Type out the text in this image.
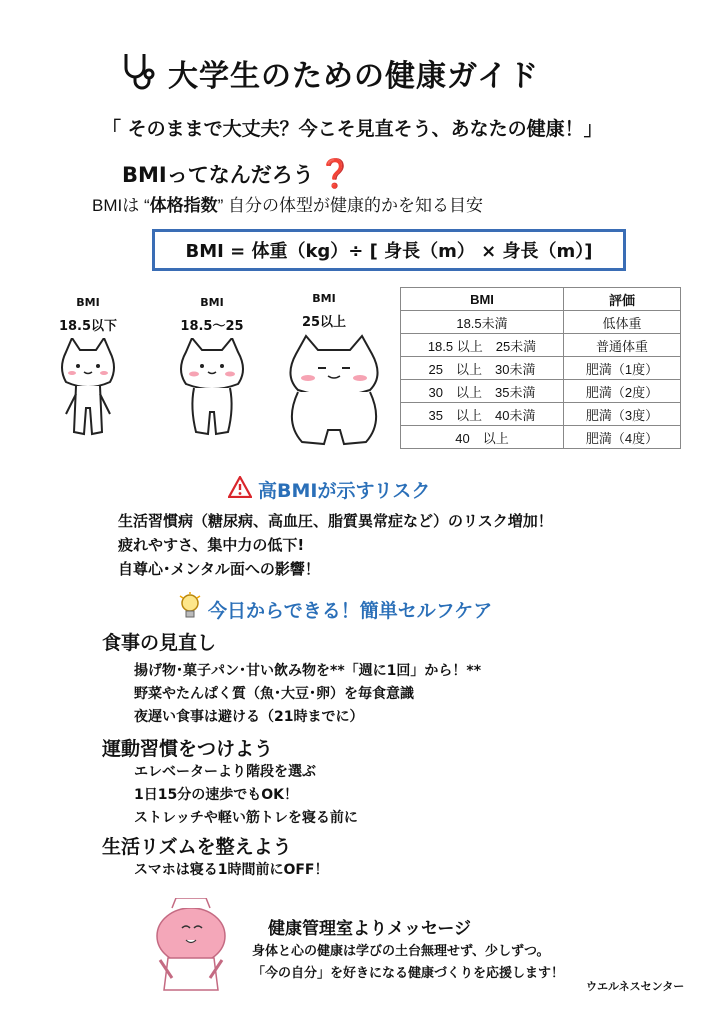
大学生のための健康ガイド
「 そのままで大丈夫？今こそ見直そう、あなたの健康！」
BMIってなんだろう ❓
BMIは “体格指数” 自分の体型が健康的かを知る目安
BMI = 体重（kg）÷ [ 身長（m） × 身長（m）]
BMI
18.5以下
BMI
18.5〜25
BMI
25以上
BMI	評価
18.5未満	低体重
18.5 以上　25未満	普通体重
25　以上　30未満	肥満（1度）
30　以上　35未満	肥満（2度）
35　以上　40未満	肥満（3度）
40　以上	肥満（4度）
高BMIが示すリスク
生活習慣病（糖尿病、高血圧、脂質異常症など）のリスク増加！
疲れやすさ、集中力の低下!
自尊心･メンタル面への影響！
今日からできる！簡単セルフケア
食事の見直し
揚げ物･菓子パン･甘い飲み物を**「週に1回」から！**
野菜やたんぱく質（魚･大豆･卵）を毎食意識
夜遅い食事は避ける（21時までに）
運動習慣をつけよう
エレベーターより階段を選ぶ
1日15分の速歩でもOK！
ストレッチや軽い筋トレを寝る前に
生活リズムを整えよう
スマホは寝る1時間前にOFF！
健康管理室よりメッセージ
身体と心の健康は学びの土台無理せず、少しずつ。
「今の自分」を好きになる健康づくりを応援します！
ウエルネスセンター
